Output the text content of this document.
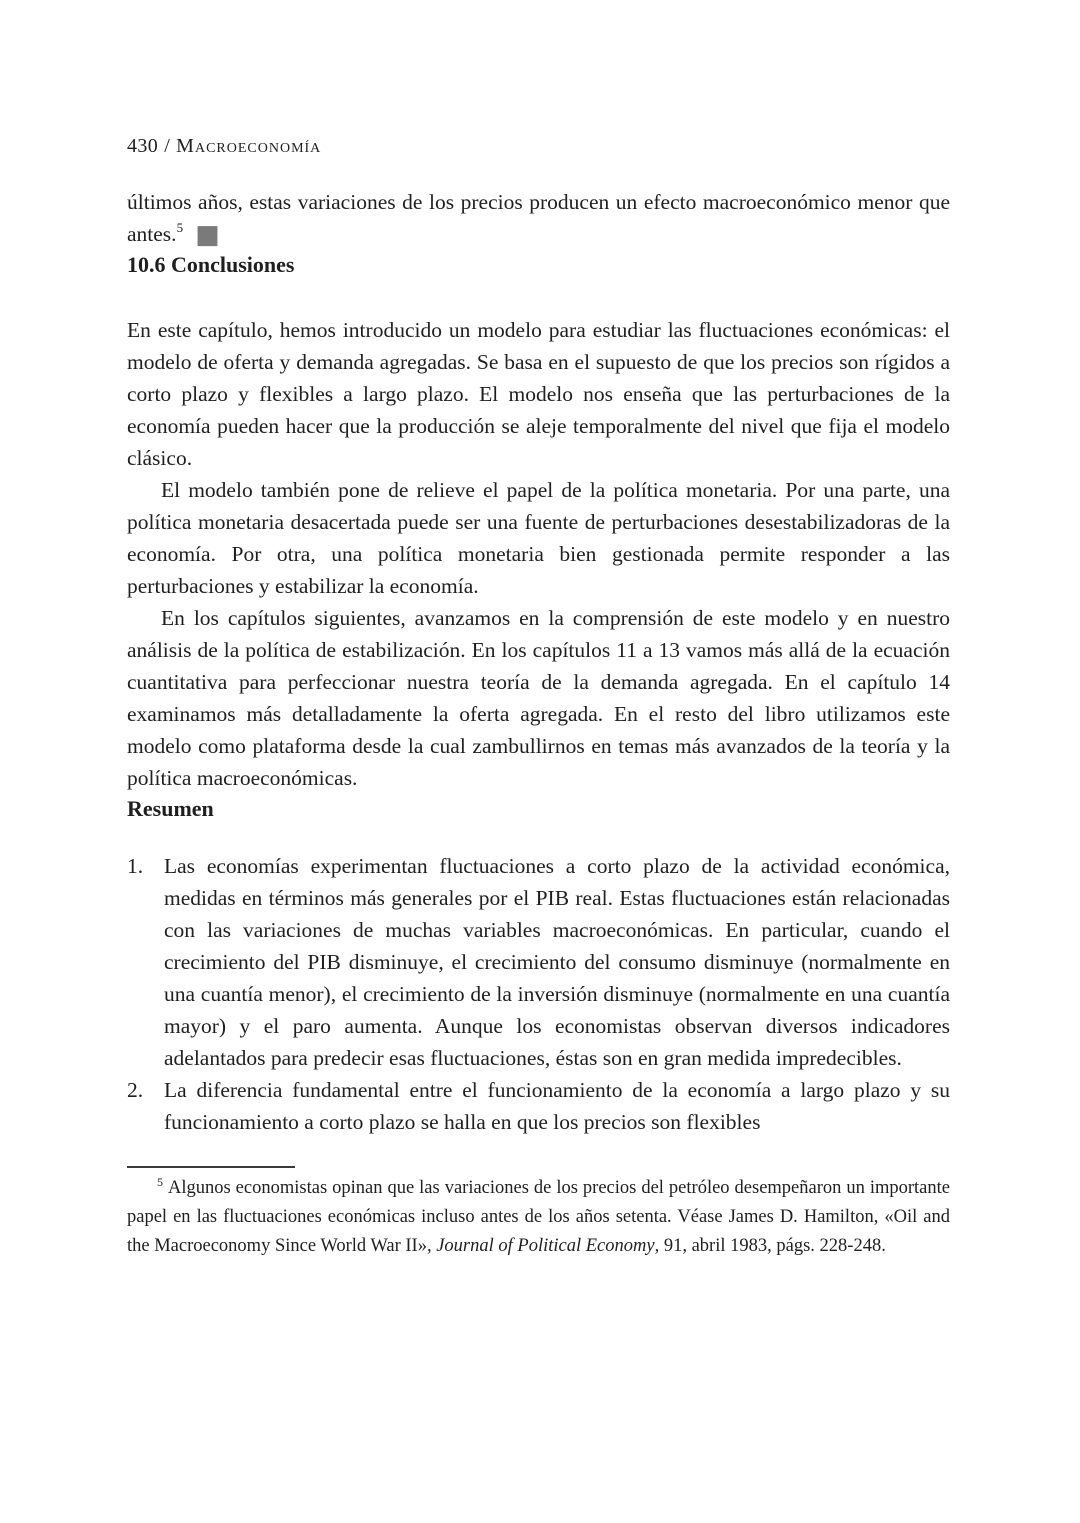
430 / Macroeconomía

últimos años, estas variaciones de los precios producen un efecto macroeconómico menor que antes.$^5$ ■

10.6 Conclusiones

En este capítulo, hemos introducido un modelo para estudiar las fluctuaciones económicas: el modelo de oferta y demanda agregadas. Se basa en el supuesto de que los precios son rígidos a corto plazo y flexibles a largo plazo. El modelo nos enseña que las perturbaciones de la economía pueden hacer que la producción se aleje temporalmente del nivel que fija el modelo clásico.

El modelo también pone de relieve el papel de la política monetaria. Por una parte, una política monetaria desacertada puede ser una fuente de perturbaciones desestabilizadoras de la economía. Por otra, una política monetaria bien gestionada permite responder a las perturbaciones y estabilizar la economía.

En los capítulos siguientes, avanzamos en la comprensión de este modelo y en nuestro análisis de la política de estabilización. En los capítulos 11 a 13 vamos más allá de la ecuación cuantitativa para perfeccionar nuestra teoría de la demanda agregada. En el capítulo 14 examinamos más detalladamente la oferta agregada. En el resto del libro utilizamos este modelo como plataforma desde la cual zambullirnos en temas más avanzados de la teoría y la política macroeconómicas.

Resumen
1. Las economías experimentan fluctuaciones a corto plazo de la actividad económica, medidas en términos más generales por el PIB real. Estas fluctuaciones están relacionadas con las variaciones de muchas variables macroeconómicas. En particular, cuando el crecimiento del PIB disminuye, el crecimiento del consumo disminuye (normalmente en una cuantía menor), el crecimiento de la inversión disminuye (normalmente en una cuantía mayor) y el paro aumenta. Aunque los economistas observan diversos indicadores adelantados para predecir esas fluctuaciones, éstas son en gran medida impredecibles.
2. La diferencia fundamental entre el funcionamiento de la economía a largo plazo y su funcionamiento a corto plazo se halla en que los precios son flexibles

$^5$ Algunos economistas opinan que las variaciones de los precios del petróleo desempeñaron un importante papel en las fluctuaciones económicas incluso antes de los años setenta. Véase James D. Hamilton, «Oil and the Macroeconomy Since World War II», Journal of Political Economy, 91, abril 1983, págs. 228-248.
